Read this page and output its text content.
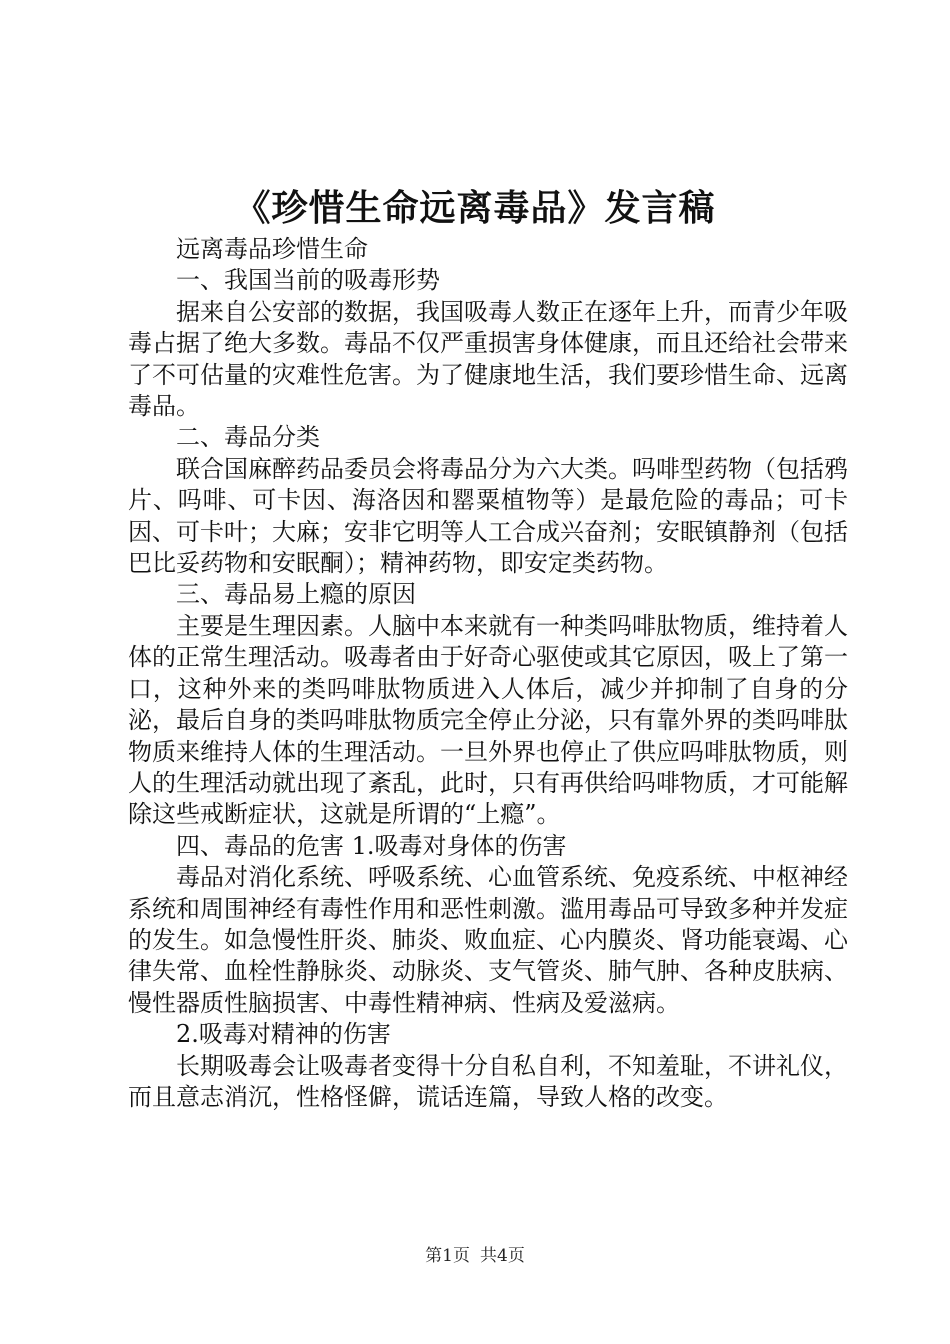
《珍惜生命远离毒品》发言稿

远离毒品珍惜生命

一、我国当前的吸毒形势

据来自公安部的数据，我国吸毒人数正在逐年上升，而青少年吸毒占据了绝大多数。毒品不仅严重损害身体健康，而且还给社会带来了不可估量的灾难性危害。为了健康地生活，我们要珍惜生命、远离毒品。

二、毒品分类

联合国麻醉药品委员会将毒品分为六大类。吗啡型药物（包括鸦片、吗啡、可卡因、海洛因和罂粟植物等）是最危险的毒品；可卡因、可卡叶；大麻；安非它明等人工合成兴奋剂；安眠镇静剂（包括巴比妥药物和安眠酮）；精神药物，即安定类药物。

三、毒品易上瘾的原因

主要是生理因素。人脑中本来就有一种类吗啡肽物质，维持着人体的正常生理活动。吸毒者由于好奇心驱使或其它原因，吸上了第一口，这种外来的类吗啡肽物质进入人体后，减少并抑制了自身的分泌，最后自身的类吗啡肽物质完全停止分泌，只有靠外界的类吗啡肽物质来维持人体的生理活动。一旦外界也停止了供应吗啡肽物质，则人的生理活动就出现了紊乱，此时，只有再供给吗啡物质，才可能解除这些戒断症状，这就是所谓的“上瘾”。

四、毒品的危害 1.吸毒对身体的伤害

毒品对消化系统、呼吸系统、心血管系统、免疫系统、中枢神经系统和周围神经有毒性作用和恶性刺激。滥用毒品可导致多种并发症的发生。如急慢性肝炎、肺炎、败血症、心内膜炎、肾功能衰竭、心律失常、血栓性静脉炎、动脉炎、支气管炎、肺气肿、各种皮肤病、慢性器质性脑损害、中毒性精神病、性病及爱滋病。

2.吸毒对精神的伤害

长期吸毒会让吸毒者变得十分自私自利，不知羞耻，不讲礼仪，而且意志消沉，性格怪僻，谎话连篇，导致人格的改变。

第1页 共4页
